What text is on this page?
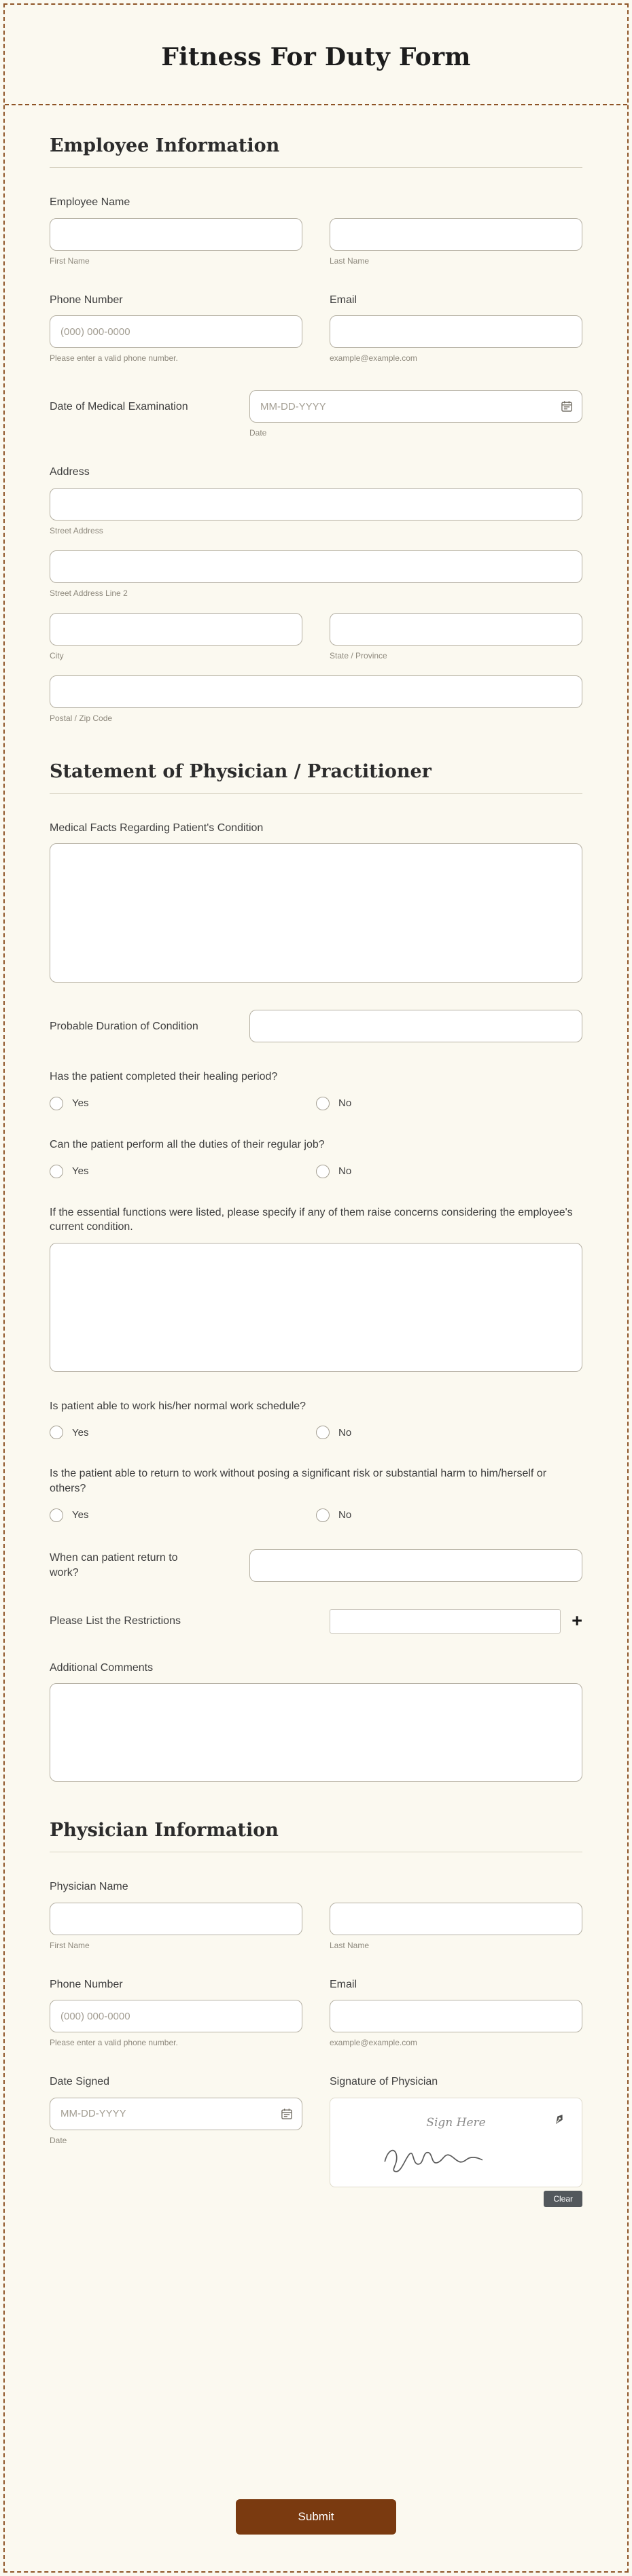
Fitness For Duty Form
Employee Information
Employee Name
First Name	Last Name
Phone Number
(000) 000-0000
Please enter a valid phone number.
Email
example@example.com
Date of Medical Examination
MM-DD-YYYY
Date
Address
Street Address
Street Address Line 2
City	State / Province
Postal / Zip Code
Statement of Physician / Practitioner
Medical Facts Regarding Patient's Condition
Probable Duration of Condition
Has the patient completed their healing period?
Yes	No
Can the patient perform all the duties of their regular job?
Yes	No
If the essential functions were listed, please specify if any of them raise concerns considering the employee's current condition.
Is patient able to work his/her normal work schedule?
Yes	No
Is the patient able to return to work without posing a significant risk or substantial harm to him/herself or others?
Yes	No
When can patient return to work?
Please List the Restrictions	+
Additional Comments
Physician Information
Physician Name
First Name	Last Name
Phone Number
(000) 000-0000
Please enter a valid phone number.
Email
example@example.com
Date Signed
MM-DD-YYYY
Date
Signature of Physician
Sign Here
Clear
Submit
